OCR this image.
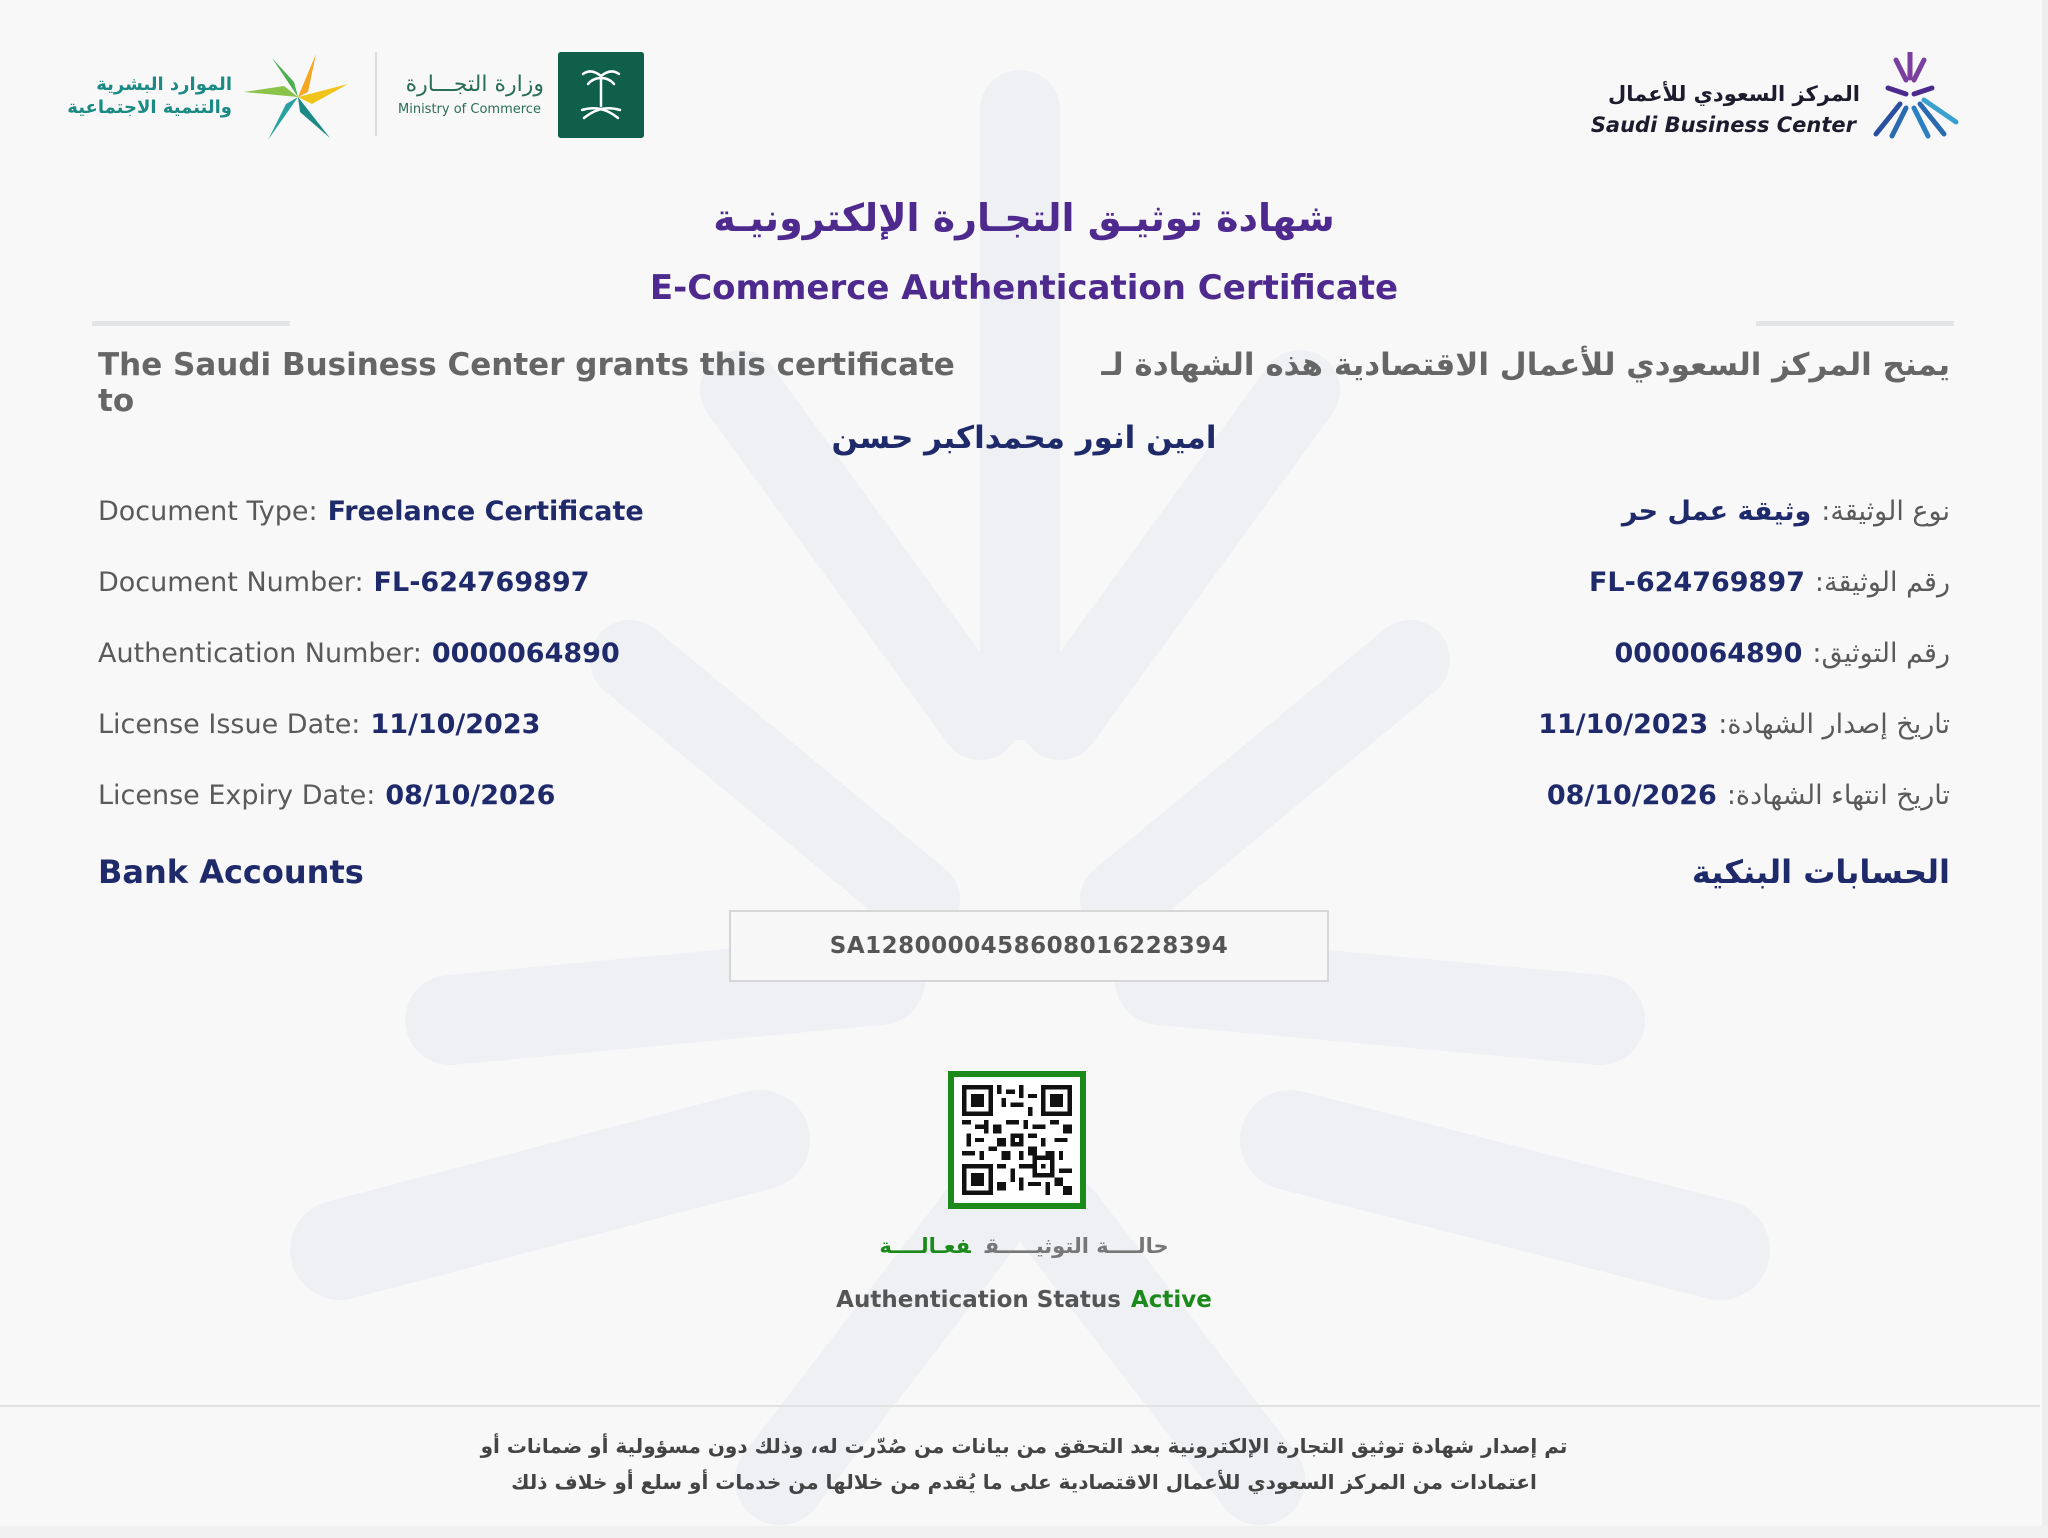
المركز السعودي للأعمال
Saudi Business Center
الموارد البشرية
والتنمية الاجتماعية
وزارة التجـــارة
Ministry of Commerce
شهادة توثيـق التجـارة الإلكترونيـة
E-Commerce Authentication Certificate
The Saudi Business Center grants this certificate to
يمنح المركز السعودي للأعمال الاقتصادية هذه الشهادة لـ
امين انور محمداكبر حسن
Document Type: Freelance Certificate
Document Number: FL-624769897
Authentication Number: 0000064890
License Issue Date: 11/10/2023
License Expiry Date: 08/10/2026
نوع الوثيقة:وثيقة عمل حر
رقم الوثيقة:FL-624769897
رقم التوثيق:0000064890
تاريخ إصدار الشهادة:11/10/2023
تاريخ انتهاء الشهادة:08/10/2026
Bank Accounts	الحسابات البنكية
SA1280000458608016228394
حالــــة التوثيـــــقفعـالــــة
Authentication Status Active
تم إصدار شهادة توثيق التجارة الإلكترونية بعد التحقق من بيانات من صُدّرت له، وذلك دون مسؤولية أو ضمانات أو
اعتمادات من المركز السعودي للأعمال الاقتصادية على ما يُقدم من خلالها من خدمات أو سلع أو خلاف ذلك
